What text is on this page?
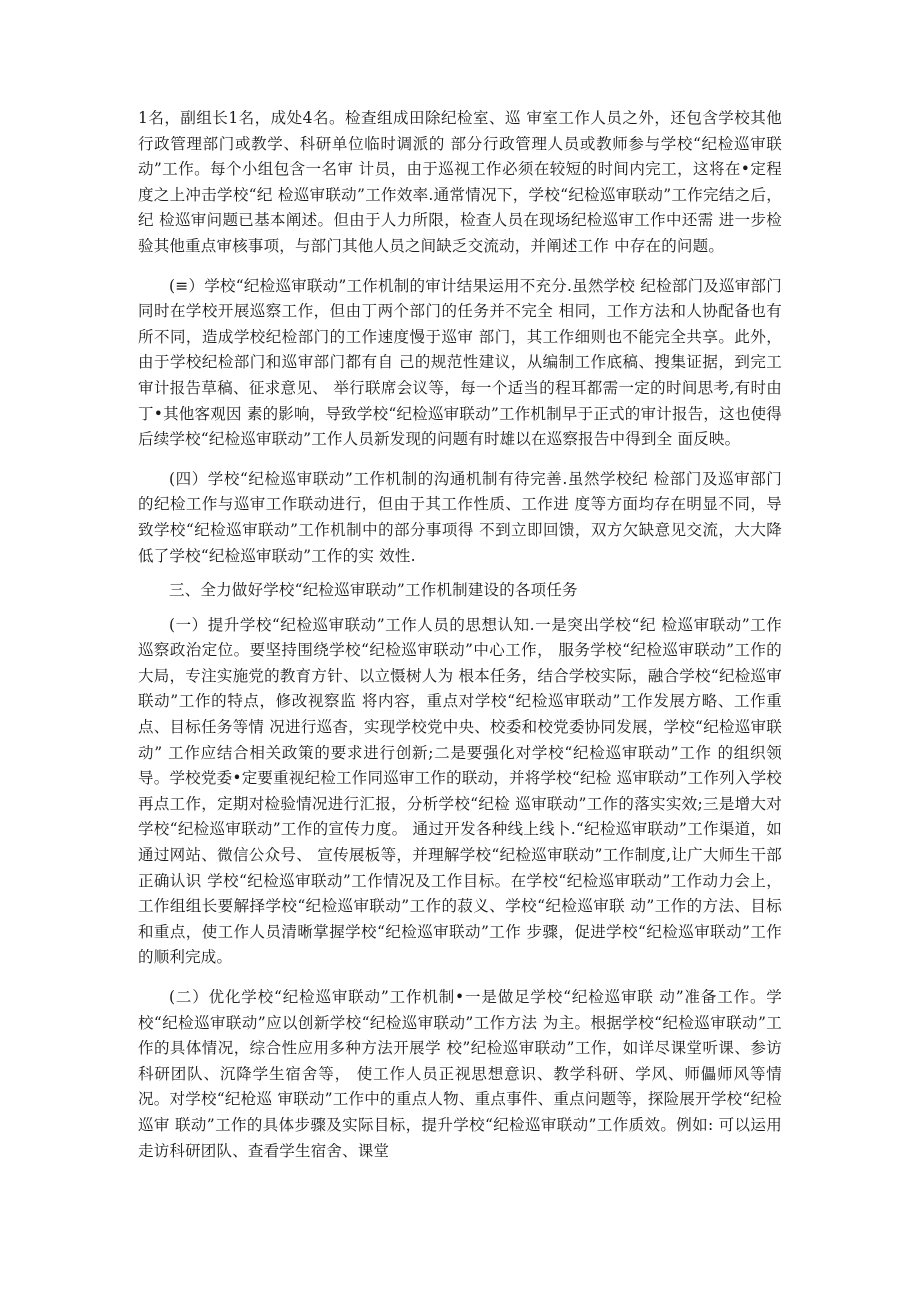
1名，副组长1名，成处4名。检查组成田除纪检室、巡 审室工作人员之外，还包含学校其他行政管理部门或教学、科研单位临时调派的 部分行政管理人员或教师参与学校“纪检巡审联动”工作。每个小组包含一名审 计员，由于巡视工作必须在较短的时间内完工，这将在•定程度之上冲击学校“纪 检巡审联动”工作效率.通常情况下，学校“纪检巡审联动”工作完结之后，纪 检巡审问题已基本阐述。但由于人力所限，检查人员在现场纪检巡审工作中还需 进一步检验其他重点审核事项，与部门其他人员之间缺乏交流动，并阐述工作 中存在的问题。

(≡）学校“纪检巡审联动”工作机制的审计结果运用不充分.虽然学校 纪检部门及巡审部门同时在学校开展巡察工作，但由丁两个部门的任务并不完全 相同，工作方法和人协配备也有所不同，造成学校纪检部门的工作速度慢于巡审 部门，其工作细则也不能完全共享。此外，由于学校纪检部门和巡审部门都有自 己的规范性建议，从编制工作底稿、搜集证据，到完工审计报告草稿、征求意见、 举行联席会议等，每一个适当的程耳都需一定的时间思考,有时由丁•其他客观因 素的影响，导致学校“纪检巡审联动”工作机制早于正式的审计报告，这也使得 后续学校“纪检巡审联动”工作人员新发现的问题有时雄以在巡察报告中得到全 面反映。

(四）学校“纪检巡审联动”工作机制的沟通机制有待完善.虽然学校纪 检部门及巡审部门的纪检工作与巡审工作联动进行，但由于其工作性质、工作进 度等方面均存在明显不同，导致学校“纪检巡审联动”工作机制中的部分事项得 不到立即回馈，双方欠缺意见交流，大大降低了学校“纪检巡审联动”工作的实 效性.

三、全力做好学校“纪检巡审联动”工作机制建设的各项任务

(一）提升学校“纪检巡审联动”工作人员的思想认知.一是突出学校“纪 检巡审联动”工作巡察政治定位。要坚持围绕学校“纪检巡审联动”中心工作， 服务学校“纪检巡审联动”工作的大局，专注实施党的教育方针、以立慑树人为 根本任务，结合学校实际，融合学校“纪检巡审联动”工作的特点，修改视察监 将内容，重点对学校“纪检巡审联动”工作发展方略、工作重点、目标任务等情 况进行巡杳，实现学校党中央、校委和校党委协同发展，学校“纪检巡审联动” 工作应结合相关政策的要求进行创新;二是要强化对学校“纪检巡审联动”工作 的组织领导。学校党委•定要重视纪检工作同巡审工作的联动，并将学校“纪检 巡审联动”工作列入学校再点工作，定期对检验情况进行汇报，分析学校“纪检 巡审联动”工作的落实实效;三是增大对学校“纪检巡审联动”工作的宣传力度。 通过开发各种线上线卜.“纪检巡审联动”工作渠道，如通过网站、微信公众号、 宣传展板等，并理解学校“纪检巡审联动”工作制度,让广大师生干部正确认识 学校“纪检巡审联动”工作情况及工作目标。在学校“纪检巡审联动”工作动力会上，工作组组长要解择学校“纪检巡审联动”工作的菽义、学校“纪检巡审联 动”工作的方法、目标和重点，使工作人员清晰掌握学校“纪检巡审联动”工作 步骤，促进学校“纪检巡审联动”工作的顺利完成。

(二）优化学校“纪检巡审联动”工作机制•一是做足学校“纪检巡审联 动”准备工作。学校“纪检巡审联动”应以创新学校“纪检巡审联动”工作方法 为主。根据学校“纪检巡审联动”工作的具体情况，综合性应用多种方法开展学 校”纪检巡审联动”工作，如详尽课堂听课、参访科研团队、沉降学生宿舍等， 使工作人员正视思想意识、教学科研、学风、师儡师风等情况。对学校“纪枪巡 审联动”工作中的重点人物、重点事件、重点问题等，探险展开学校“纪检巡审 联动”工作的具体步骤及实际目标，提升学校“纪检巡审联动”工作质效。例如: 可以运用走访科研团队、查看学生宿舍、课堂
